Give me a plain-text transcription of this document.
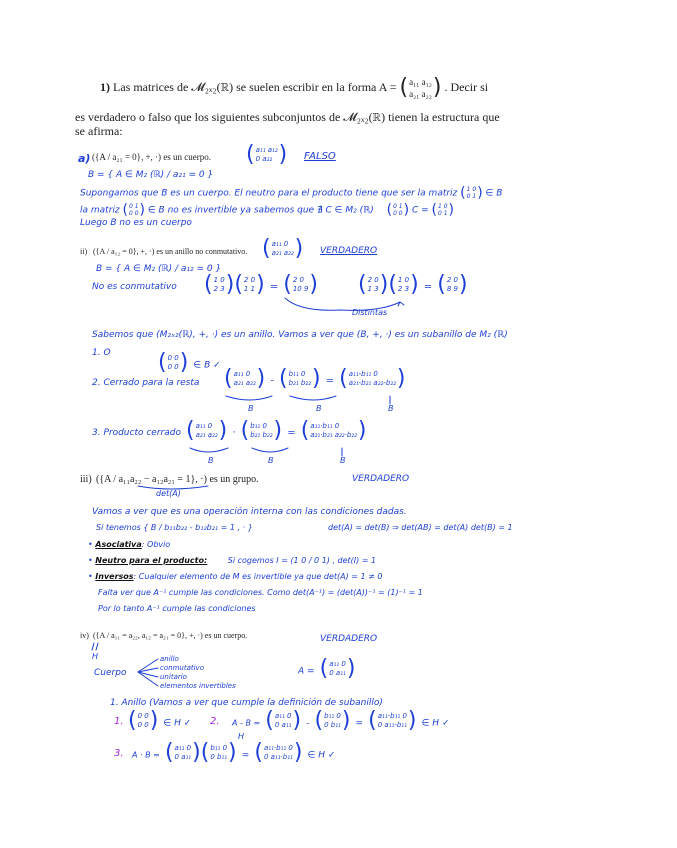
1) Las matrices de 𝓜₂ₓ₂(ℝ) se suelen escribir en la forma A = ( a₁₁ a₁₂
a₂₁ a₂₂ ) . Decir si
es verdadero o falso que los siguientes subconjuntos de 𝓜₂ₓ₂(ℝ) tienen la estructura que
se afirma:
a) ({A / a₂₁ = 0}, +, ·) es un cuerpo. ( a₁₁ a₁₂
0 a₂₂ ) FALSO
B = { A ∈ M₂ (ℝ) / a₂₁ = 0 }
Supongamos que B es un cuerpo. El neutro para el producto tiene que ser la matriz ( 1 0
0 1 ) ∈ B
la matriz ( 0 1
0 0 ) ∈ B no es invertible ya sabemos que ∄ C ∈ M₂ (ℝ) ( 0 1
0 0 ) C = ( 1 0
0 1 )
Luego B no es un cuerpo
ii) ({A / a₁₂ = 0}, +, ·) es un anillo no conmutativo. ( a₁₁ 0
a₂₁ a₂₂ ) VERDADERO
B = { A ∈ M₂ (ℝ) / a₁₂ = 0 }
No es conmutativo ( 1 0
2 3 ) ( 2 0
1 1 ) = ( 2 0
10 9 ) ( 2 0
1 3 ) ( 1 0
2 3 ) = ( 2 0
8 9 )
Distintas
Sabemos que (M₂ₓ₂(ℝ), +, ·) es un anillo. Vamos a ver que (B, +, ·) es un subanillo de M₂ (ℝ)
1. O ( 0 0
0 0 ) ∈ B ✓
2. Cerrado para la resta ( a₁₁ 0
a₂₁ a₂₂ ) - ( b₁₁ 0
b₂₁ b₂₂ ) = ( a₁₁-b₁₁ 0
a₂₁-b₂₁ a₂₂-b₂₂ )
B	B	B
3. Producto cerrado ( a₁₁ 0
a₂₁ a₂₂ ) · ( b₁₁ 0
b₂₁ b₂₂ ) = ( a₁₁·b₁₁ 0
a₂₁·b₂₁ a₂₂·b₂₂ )
B	B	B
iii) ({A / a₁₁a₂₂ − a₁₂a₂₁ = 1}, ·) es un grupo.	VERDADERO
det(A)
Vamos a ver que es una operación interna con las condiciones dadas.
Si tenemos { B / b₁₁b₂₂ - b₁₂b₂₁ = 1 , · }	det(A) = det(B) ⇒ det(AB) = det(A) det(B) = 1
• Asociativa: Obvio
• Neutro para el producto:	Si cogemos I = (1 0 / 0 1) , det(I) = 1
• Inversos: Cualquier elemento de M es invertible ya que det(A) = 1 ≠ 0
Falta ver que A⁻¹ cumple las condiciones. Como det(A⁻¹) = (det(A))⁻¹ = (1)⁻¹ = 1
Por lo tanto A⁻¹ cumple las condiciones
iv) ({A / a₁₁ = a₂₂, a₁₂ = a₂₁ = 0}, +, ·) es un cuerpo.	VERDADERO
H
Cuerpo
anillo
conmutativo
unitario
elementos invertibles
A = ( a₁₁ 0
0 a₁₁ )
1. Anillo (Vamos a ver que cumple la definición de subanillo)
1. ( 0 0
0 0 ) ∈ H ✓ 2. A - B = ( a₁₁ 0
0 a₁₁ ) - ( b₁₁ 0
0 b₁₁ ) = ( a₁₁-b₁₁ 0
0 a₁₁-b₁₁ ) ∈ H ✓
H
3. A · B = ( a₁₁ 0
0 a₁₁ ) ( b₁₁ 0
0 b₁₁ ) = ( a₁₁·b₁₁ 0
0 a₁₁·b₁₁ ) ∈ H ✓
